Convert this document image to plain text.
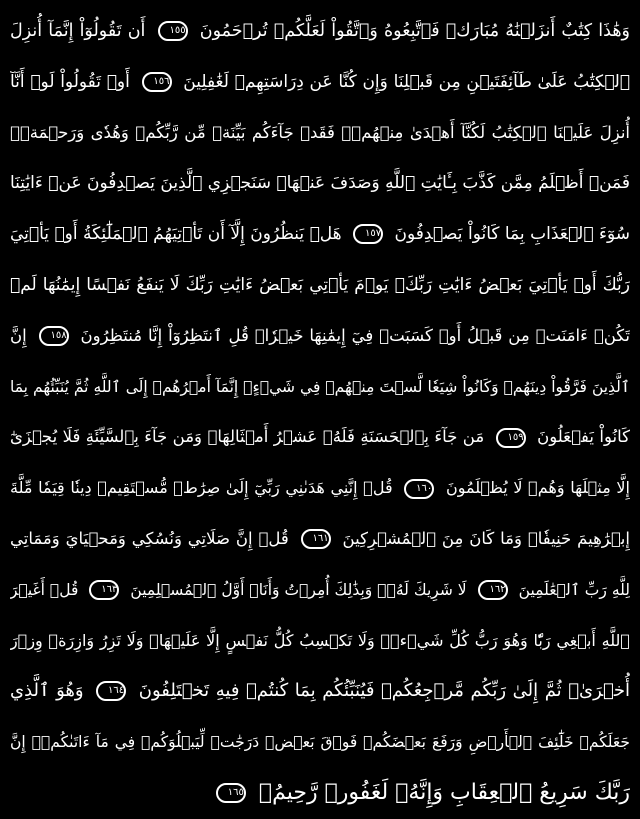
وَهَٰذَا كِتَٰبٌ أَنزَلۡنَٰهُ مُبَارَكٞ فَٱتَّبِعُوهُ وَٱتَّقُواْ لَعَلَّكُمۡ تُرۡحَمُونَ ١٥٥ أَن تَقُولُوٓاْ إِنَّمَآ أُنزِلَ
ٱلۡكِتَٰبُ عَلَىٰ طَآئِفَتَيۡنِ مِن قَبۡلِنَا وَإِن كُنَّا عَن دِرَاسَتِهِمۡ لَغَٰفِلِينَ ١٥٦ أَوۡ تَقُولُواْ لَوۡ أَنَّآ
أُنزِلَ عَلَيۡنَا ٱلۡكِتَٰبُ لَكُنَّآ أَهۡدَىٰ مِنۡهُمۡۚ فَقَدۡ جَآءَكُم بَيِّنَةٞ مِّن رَّبِّكُمۡ وَهُدٗى وَرَحۡمَةٞۚ
فَمَنۡ أَظۡلَمُ مِمَّن كَذَّبَ بِـَٔايَٰتِ ٱللَّهِ وَصَدَفَ عَنۡهَاۗ سَنَجۡزِي ٱلَّذِينَ يَصۡدِفُونَ عَنۡ ءَايَٰتِنَا
سُوٓءَ ٱلۡعَذَابِ بِمَا كَانُواْ يَصۡدِفُونَ ١٥٧ هَلۡ يَنظُرُونَ إِلَّآ أَن تَأۡتِيَهُمُ ٱلۡمَلَٰٓئِكَةُ أَوۡ يَأۡتِيَ
رَبُّكَ أَوۡ يَأۡتِيَ بَعۡضُ ءَايَٰتِ رَبِّكَۗ يَوۡمَ يَأۡتِي بَعۡضُ ءَايَٰتِ رَبِّكَ لَا يَنفَعُ نَفۡسًا إِيمَٰنُهَا لَمۡ
تَكُنۡ ءَامَنَتۡ مِن قَبۡلُ أَوۡ كَسَبَتۡ فِيٓ إِيمَٰنِهَا خَيۡرٗاۗ قُلِ ٱنتَظِرُوٓاْ إِنَّا مُنتَظِرُونَ ١٥٨ إِنَّ
ٱلَّذِينَ فَرَّقُواْ دِينَهُمۡ وَكَانُواْ شِيَعٗا لَّسۡتَ مِنۡهُمۡ فِي شَيۡءٍۚ إِنَّمَآ أَمۡرُهُمۡ إِلَى ٱللَّهِ ثُمَّ يُنَبِّئُهُم بِمَا
كَانُواْ يَفۡعَلُونَ ١٥٩ مَن جَآءَ بِٱلۡحَسَنَةِ فَلَهُۥ عَشۡرُ أَمۡثَالِهَاۖ وَمَن جَآءَ بِٱلسَّيِّئَةِ فَلَا يُجۡزَىٰٓ
إِلَّا مِثۡلَهَا وَهُمۡ لَا يُظۡلَمُونَ ١٦٠ قُلۡ إِنَّنِي هَدَىٰنِي رَبِّيٓ إِلَىٰ صِرَٰطٖ مُّسۡتَقِيمٖ دِينٗا قِيَمٗا مِّلَّةَ
إِبۡرَٰهِيمَ حَنِيفٗاۚ وَمَا كَانَ مِنَ ٱلۡمُشۡرِكِينَ ١٦١ قُلۡ إِنَّ صَلَاتِي وَنُسُكِي وَمَحۡيَايَ وَمَمَاتِي
لِلَّهِ رَبِّ ٱلۡعَٰلَمِينَ ١٦٢ لَا شَرِيكَ لَهُۥۖ وَبِذَٰلِكَ أُمِرۡتُ وَأَنَا۠ أَوَّلُ ٱلۡمُسۡلِمِينَ ١٦٣ قُلۡ أَغَيۡرَ
ٱللَّهِ أَبۡغِي رَبّٗا وَهُوَ رَبُّ كُلِّ شَيۡءٖۚ وَلَا تَكۡسِبُ كُلُّ نَفۡسٍ إِلَّا عَلَيۡهَاۚ وَلَا تَزِرُ وَازِرَةٞ وِزۡرَ
أُخۡرَىٰۚ ثُمَّ إِلَىٰ رَبِّكُم مَّرۡجِعُكُمۡ فَيُنَبِّئُكُم بِمَا كُنتُمۡ فِيهِ تَخۡتَلِفُونَ ١٦٤ وَهُوَ ٱلَّذِي
جَعَلَكُمۡ خَلَٰٓئِفَ ٱلۡأَرۡضِ وَرَفَعَ بَعۡضَكُمۡ فَوۡقَ بَعۡضٖ دَرَجَٰتٖ لِّيَبۡلُوَكُمۡ فِي مَآ ءَاتَىٰكُمۡۗ إِنَّ
رَبَّكَ سَرِيعُ ٱلۡعِقَابِ وَإِنَّهُۥ لَغَفُورٞ رَّحِيمُۢ ١٦٥
